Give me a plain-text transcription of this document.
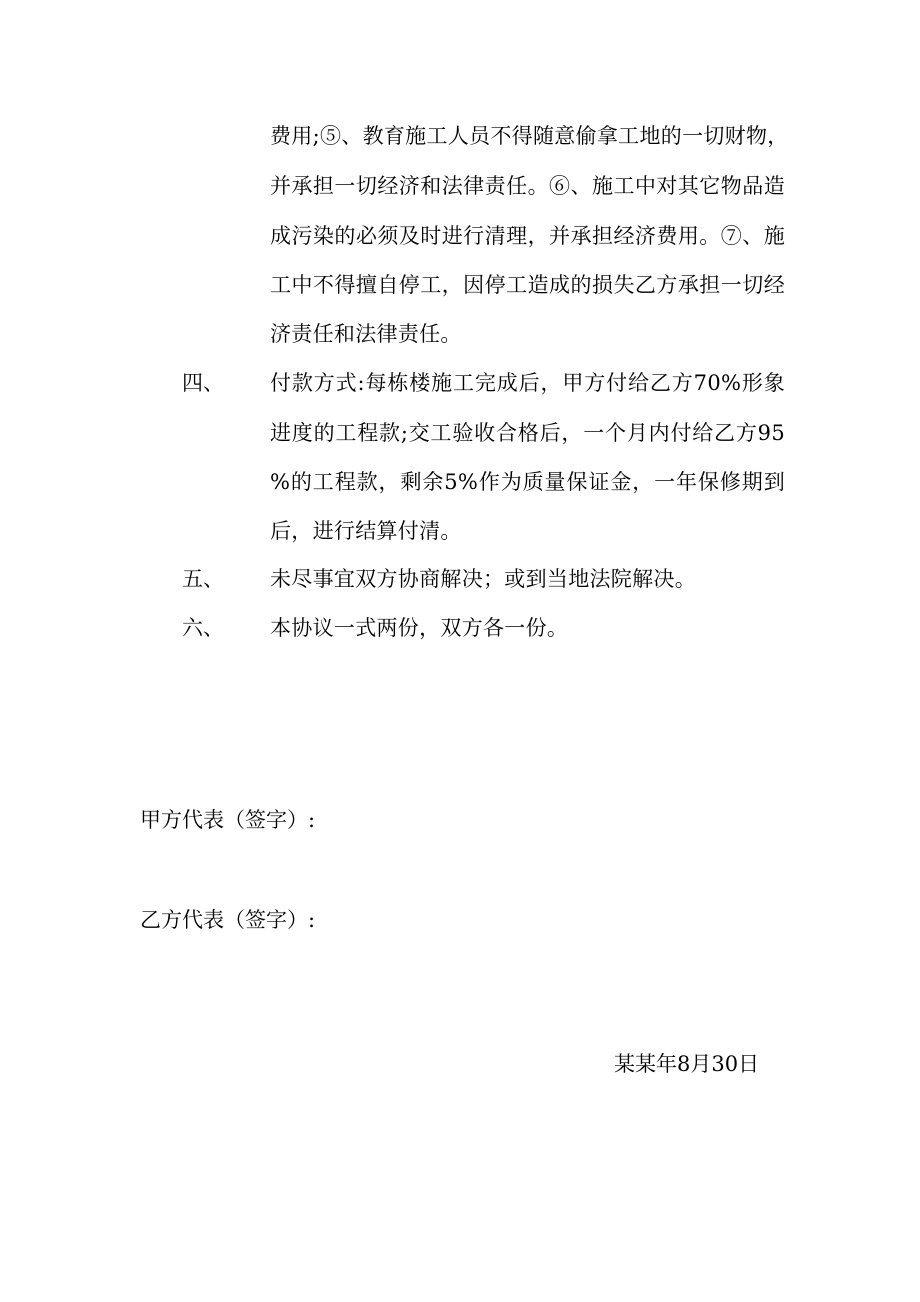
费用;⑤、教育施工人员不得随意偷拿工地的一切财物，
并承担一切经济和法律责任。⑥、施工中对其它物品造
成污染的必须及时进行清理，并承担经济费用。⑦、施
工中不得擅自停工，因停工造成的损失乙方承担一切经
济责任和法律责任。
四、 付款方式:每栋楼施工完成后，甲方付给乙方70%形象
进度的工程款;交工验收合格后，一个月内付给乙方95
%的工程款，剩余5%作为质量保证金，一年保修期到
后，进行结算付清。
五、 未尽事宜双方协商解决；或到当地法院解决。
六、 本协议一式两份，双方各一份。
甲方代表（签字）:
乙方代表（签字）:
某某年8月30日
